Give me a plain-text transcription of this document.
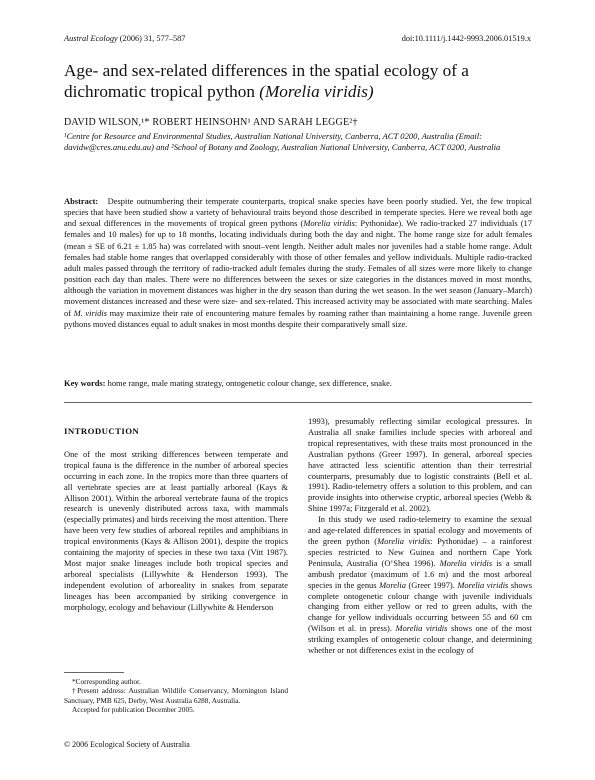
Austral Ecology (2006) 31, 577–587	doi:10.1111/j.1442-9993.2006.01519.x
Age- and sex-related differences in the spatial ecology of a dichromatic tropical python (Morelia viridis)
DAVID WILSON,¹* ROBERT HEINSOHN¹ AND SARAH LEGGE²†
¹Centre for Resource and Environmental Studies, Australian National University, Canberra, ACT 0200, Australia (Email: davidw@cres.anu.edu.au) and ²School of Botany and Zoology, Australian National University, Canberra, ACT 0200, Australia

Abstract: Despite outnumbering their temperate counterparts, tropical snake species have been poorly studied. Yet, the few tropical species that have been studied show a variety of behavioural traits beyond those described in temperate species. Here we reveal both age and sexual differences in the movements of tropical green pythons (Morelia viridis: Pythonidae). We radio-tracked 27 individuals (17 females and 10 males) for up to 18 months, locating individuals during both the day and night. The home range size for adult females (mean ± SE of 6.21 ± 1.85 ha) was correlated with snout–vent length. Neither adult males nor juveniles had a stable home range. Adult females had stable home ranges that overlapped considerably with those of other females and yellow individuals. Multiple radio-tracked adult males passed through the territory of radio-tracked adult females during the study. Females of all sizes were more likely to change position each day than males. There were no differences between the sexes or size categories in the distances moved in most months, although the variation in movement distances was higher in the dry season than during the wet season. In the wet season (January–March) movement distances increased and these were size- and sex-related. This increased activity may be associated with mate searching. Males of M. viridis may maximize their rate of encountering mature females by roaming rather than maintaining a home range. Juvenile green pythons moved distances equal to adult snakes in most months despite their comparatively small size.

Key words: home range, male mating strategy, ontogenetic colour change, sex difference, snake.

INTRODUCTION

One of the most striking differences between temperate and tropical fauna is the difference in the number of arboreal species occurring in each zone. In the tropics more than three quarters of all vertebrate species are at least partially arboreal (Kays & Allison 2001). Within the arboreal vertebrate fauna of the tropics research is unevenly distributed across taxa, with mammals (especially primates) and birds receiving the most attention. There have been very few studies of arboreal reptiles and amphibians in tropical environments (Kays & Allison 2001), despite the tropics containing the majority of species in these two taxa (Vitt 1987). Most major snake lineages include both tropical species and arboreal specialists (Lillywhite & Henderson 1993). The independent evolution of arboreality in snakes from separate lineages has been accompanied by striking convergence in morphology, ecology and behaviour (Lillywhite & Henderson

1993), presumably reflecting similar ecological pressures. In Australia all snake families include species with arboreal and tropical representatives, with these traits most pronounced in the Australian pythons (Greer 1997). In general, arboreal species have attracted less scientific attention than their terrestrial counterparts, presumably due to logistic constraints (Bell et al. 1991). Radio-telemetry offers a solution to this problem, and can provide insights into otherwise cryptic, arboreal species (Webb & Shine 1997a; Fitzgerald et al. 2002).

In this study we used radio-telemetry to examine the sexual and age-related differences in spatial ecology and movements of the green python (Morelia viridis: Pythonidae) – a rainforest species restricted to New Guinea and northern Cape York Peninsula, Australia (O’Shea 1996). Morelia viridis is a small ambush predator (maximum of 1.6 m) and the most arboreal species in the genus Morelia (Greer 1997). Morelia viridis shows complete ontogenetic colour change with juvenile individuals changing from either yellow or red to green adults, with the change for yellow individuals occurring between 55 and 60 cm (Wilson et al. in press). Morelia viridis shows one of the most striking examples of ontogenetic colour change, and determining whether or not differences exist in the ecology of

*Corresponding author.

†Present address: Australian Wildlife Conservancy, Mornington Island Sanctuary, PMB 625, Derby, West Australia 6288, Australia.

Accepted for publication December 2005.

© 2006 Ecological Society of Australia
